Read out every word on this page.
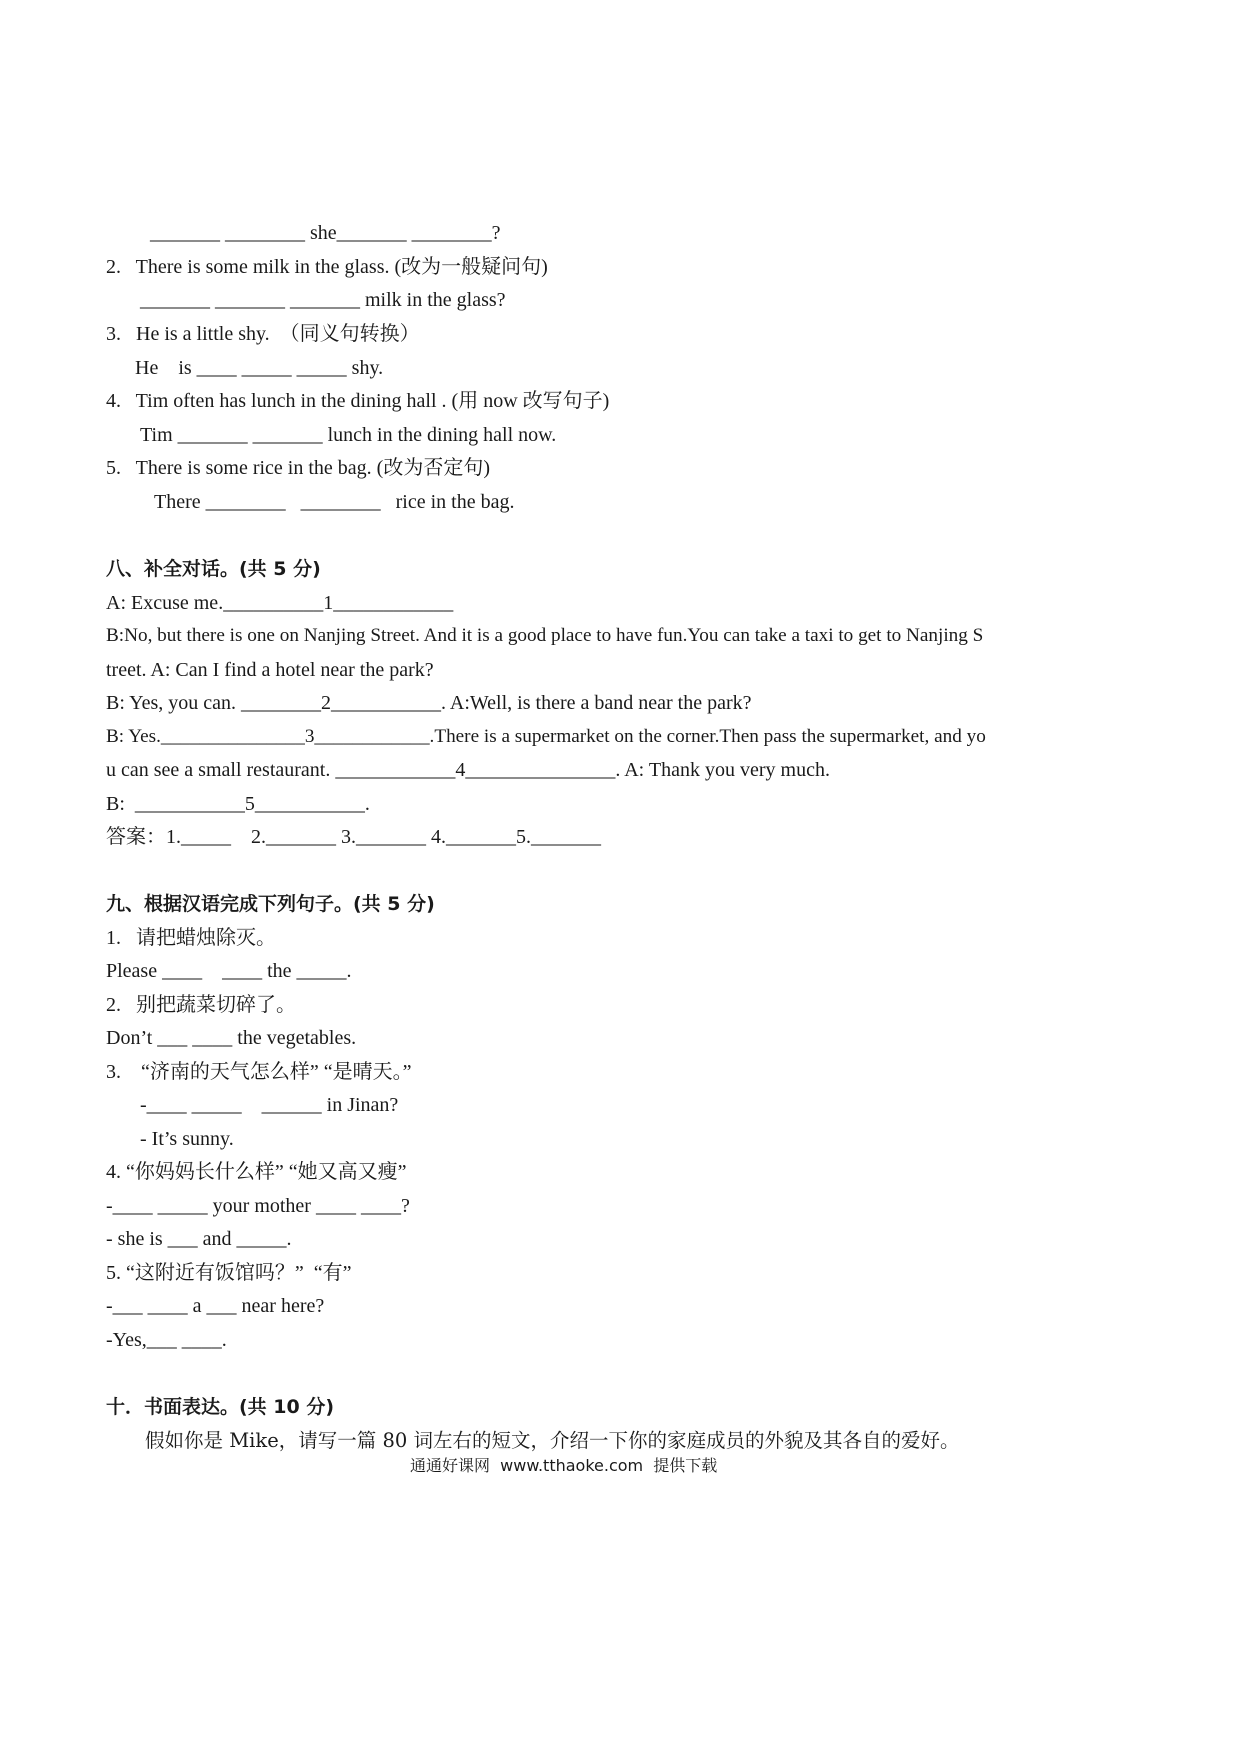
_______ ________ she_______ ________?
2.   There is some milk in the glass. (改为一般疑问句)
_______ _______ _______ milk in the glass?
3.   He is a little shy.  （同义句转换）
He    is ____ _____ _____ shy.
4.   Tim often has lunch in the dining hall . (用 now 改写句子)
Tim _______ _______ lunch in the dining hall now.
5.   There is some rice in the bag. (改为否定句)
There ________   ________   rice in the bag.
八、补全对话。(共 5 分)
A: Excuse me.__________1____________
B:No, but there is one on Nanjing Street. And it is a good place to have fun.You can take a taxi to get to Nanjing S
treet. A: Can I find a hotel near the park?
B: Yes, you can. ________2___________. A:Well, is there a band near the park?
B: Yes._______________3____________.There is a supermarket on the corner.Then pass the supermarket, and yo
u can see a small restaurant. ____________4_______________. A: Thank you very much.
B:  ___________5___________.
答案：1._____    2._______ 3._______ 4._______5._______
九、根据汉语完成下列句子。(共 5 分)
1.   请把蜡烛除灭。
Please ____    ____ the _____.
2.   别把蔬菜切碎了。
Don’t ___ ____ the vegetables.
3.    “济南的天气怎么样” “是晴天。”
-____ _____    ______ in Jinan?
- It’s sunny.
4. “你妈妈长什么样” “她又高又瘦”
-____ _____ your mother ____ ____?
- she is ___ and _____.
5. “这附近有饭馆吗？”  “有”
-___ ____ a ___ near here?
-Yes,___ ____.
十．书面表达。(共 10 分)
假如你是 Mike，请写一篇 80 词左右的短文，介绍一下你的家庭成员的外貌及其各自的爱好。
通通好课网  www.tthaoke.com  提供下载
